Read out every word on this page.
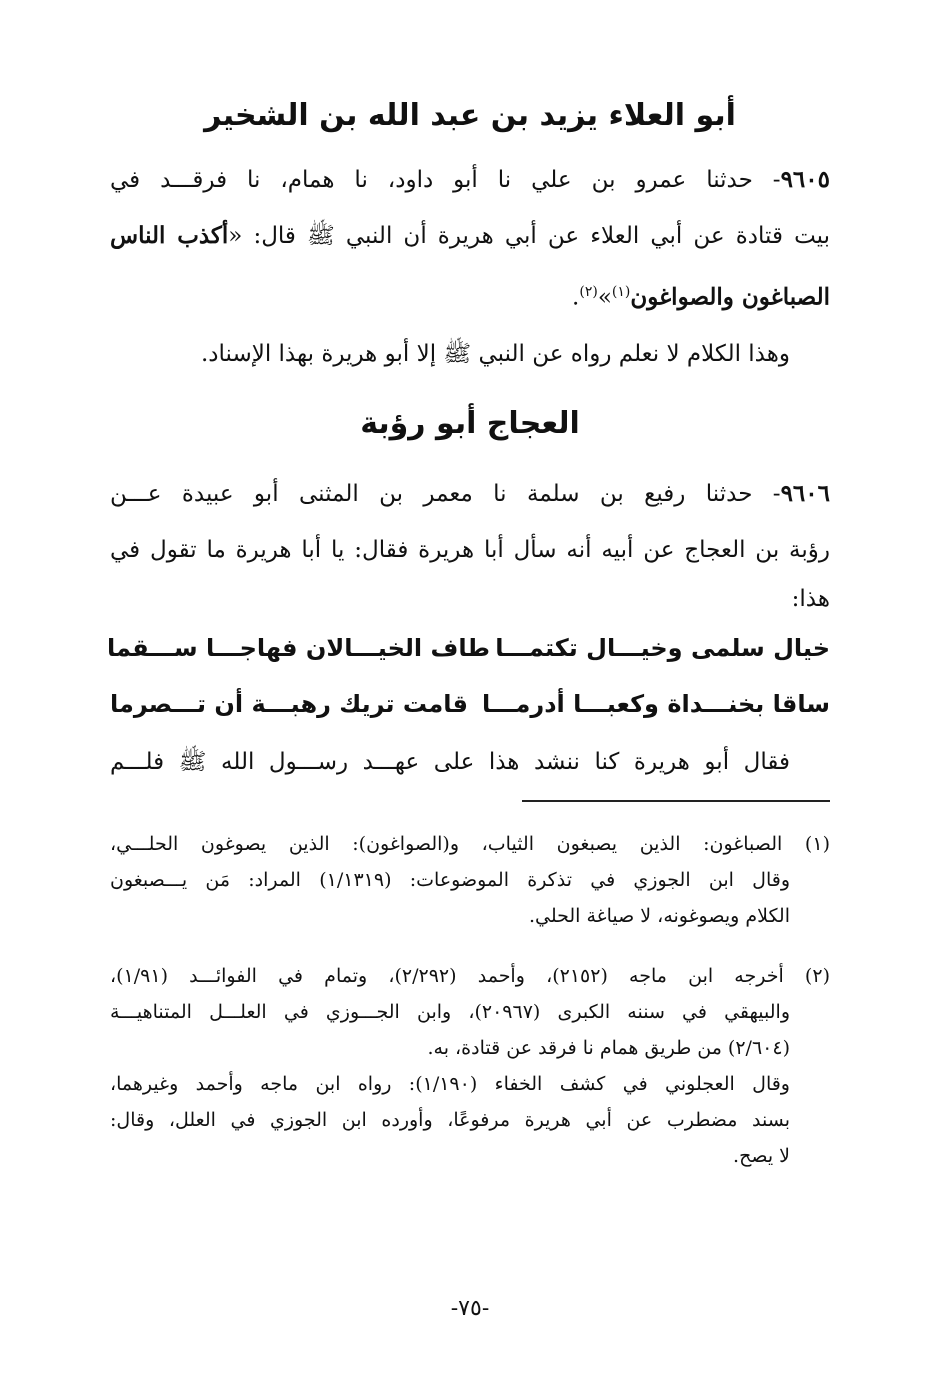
أبو العلاء يزيد بن عبد الله بن الشخير
٩٦٠٥- حدثنا عمرو بن علي نا أبو داود، نا همام، نا فرقـــد في
بيت قتادة عن أبي العلاء عن أبي هريرة أن النبي ﷺ قال: «أكذب الناس
الصباغون والصواغون$^{(١)}$»$^{(٢)}$.
وهذا الكلام لا نعلم رواه عن النبي ﷺ إلا أبو هريرة بهذا الإسناد.
العجاج أبو رؤبة
٩٦٠٦- حدثنا رفيع بن سلمة نا معمر بن المثنى أبو عبيدة عـــن
رؤبة بن العجاج عن أبيه أنه سأل أبا هريرة فقال: يا أبا هريرة ما تقول في
هذا:
خيال سلمى وخيـــال تكتمـــا
طاف الخيـــالان فهاجـــا ســـقما
ساقا بخنـــداة وكعبـــا أدرمـــا
قامت تريك رهبـــة أن تـــصرما
فقال أبو هريرة كنا ننشد هذا على عهـــد رســـول الله ﷺ فلـــم
(١) الصباغون: الذين يصبغون الثياب، و(الصواغون): الذين يصوغون الحلـــي،
وقال ابن الجوزي في تذكرة الموضوعات: (١/١٣١٩) المراد: مَن يـــصبغون
الكلام ويصوغونه، لا صياغة الحلي.
(٢) أخرجه ابن ماجه (٢١٥٢)، وأحمد (٢/٢٩٢)، وتمام في الفوائـــد (١/٩١)،
والبيهقي في سننه الكبرى (٢٠٩٦٧)، وابن الجـــوزي في العلـــل المتناهيـــة
(٢/٦٠٤) من طريق همام نا فرقد عن قتادة، به.
وقال العجلوني في كشف الخفاء (١/١٩٠): رواه ابن ماجه وأحمد وغيرهما،
بسند مضطرب عن أبي هريرة مرفوعًا، وأورده ابن الجوزي في العلل، وقال:
لا يصح.
-٧٥-
